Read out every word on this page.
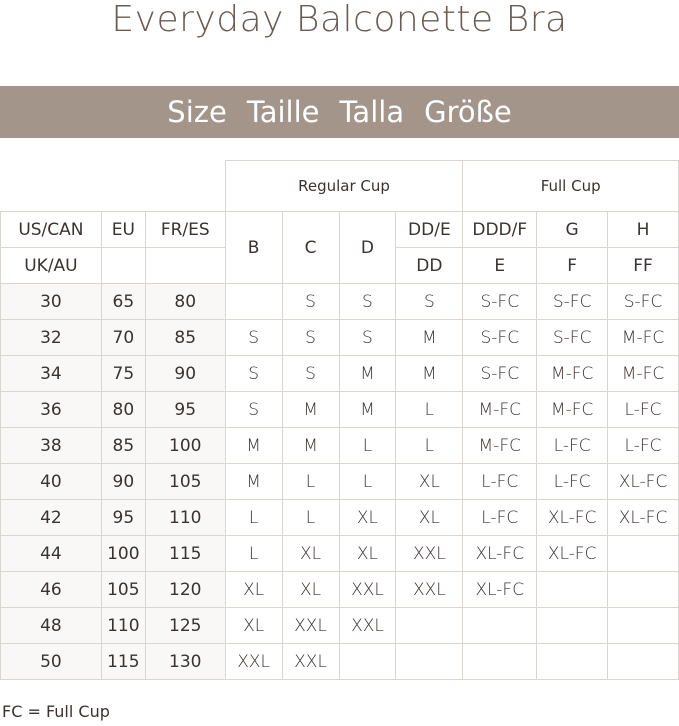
Everyday Balconette Bra
Size Taille Talla Größe
			Regular Cup				Full Cup		
US/CAN	EU	FR/ES	B	C	D	DD/E	DDD/F	G	H
UK/AU						DD	E	F	FF
30	65	80		S	S	S	S-FC	S-FC	S-FC
32	70	85	S	S	S	M	S-FC	S-FC	M-FC
34	75	90	S	S	M	M	S-FC	M-FC	M-FC
36	80	95	S	M	M	L	M-FC	M-FC	L-FC
38	85	100	M	M	L	L	M-FC	L-FC	L-FC
40	90	105	M	L	L	XL	L-FC	L-FC	XL-FC
42	95	110	L	L	XL	XL	L-FC	XL-FC	XL-FC
44	100	115	L	XL	XL	XXL	XL-FC	XL-FC	
46	105	120	XL	XL	XXL	XXL	XL-FC		
48	110	125	XL	XXL	XXL				
50	115	130	XXL	XXL					
FC = Full Cup
